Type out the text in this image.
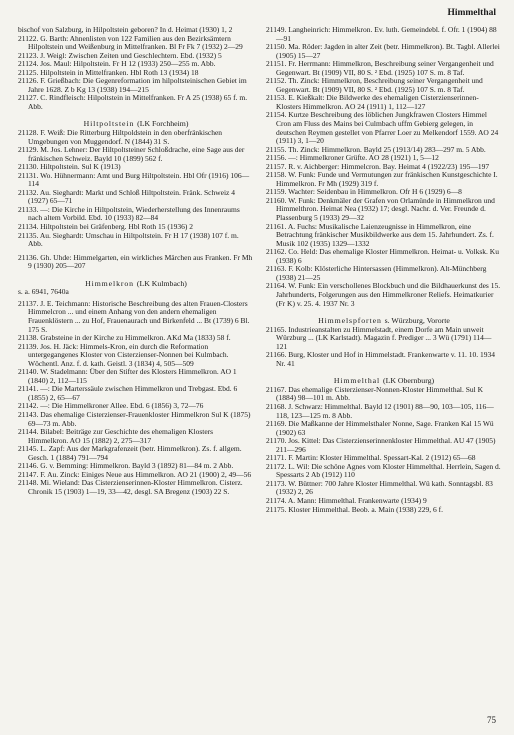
Himmelthal

bischof von Salzburg, in Hilpoltstein geboren? In d. Heimat (1930) 1, 2

21122. G. Barth: Ahnenlisten von 122 Familien aus den Bezirksämtern Hilpoltstein und Weißenburg in Mittelfranken. Bl Fr Fk 7 (1932) 2—29

21123. J. Weigl: Zwischen Zeiten und Geschlechtern. Ebd. (1932) 5

21124. Jos. Maul: Hilpoltstein. Fr H 12 (1933) 250—255 m. Abb.

21125. Hilpoltstein in Mittelfranken. Hbl Roth 13 (1934) 18

21126. F. Grießbach: Die Gegenreformation im hilpoltsteinischen Gebiet im Jahre 1628. Z b Kg 13 (1938) 194—215

21127. C. Rindfleisch: Hilpoltstein in Mittelfranken. Fr A 25 (1938) 65 f. m. Abb.

Hiltpoltstein (LK Forchheim)

21128. F. Weiß: Die Ritterburg Hiltpoldstein in den oberfränkischen Umgebungen von Muggendorf. N (1844) 31 S.

21129. M. Jos. Lehner: Der Hiltpoltsteiner Schloßdrache, eine Sage aus der fränkischen Schweiz. Bayld 10 (1899) 562 f.

21130. Hiltpoltstein. Sul K (1913)

21131. Wo. Hühnermann: Amt und Burg Hiltpoltstein. Hbl Ofr (1916) 106—114

21132. Au. Sieghardt: Markt und Schloß Hiltpoltstein. Fränk. Schweiz 4 (1927) 65—71

21133. —: Die Kirche in Hiltpoltstein, Wiederherstellung des Innenraums nach altem Vorbild. Ebd. 10 (1933) 82—84

21134. Hiltpoltstein bei Gräfenberg. Hbl Roth 15 (1936) 2

21135. Au. Sieghardt: Umschau in Hiltpoltstein. Fr H 17 (1938) 107 f. m. Abb.

21136. Gh. Uhde: Himmelgarten, ein wirkliches Märchen aus Franken. Fr Mh 9 (1930) 205—207

Himmelkron (LK Kulmbach)
s. a. 6941, 7640a

21137. J. E. Teichmann: Historische Beschreibung des alten Frauen-Closters Himmelcron ... und einem Anhang von den andern ehemaligen Frauenklöstern ... zu Hof, Frauenaurach und Birkenfeld ... Bt (1739) 6 Bl. 175 S.

21138. Grabsteine in der Kirche zu Himmelkron. AKd Ma (1833) 58 f.

21139. Jos. H. Jäck: Himmels-Kron, ein durch die Reformation untergegangenes Kloster von Cisterzienser-Nonnen bei Kulmbach. Wöchentl. Anz. f. d. kath. Geistl. 3 (1834) 4, 505—509

21140. W. Stadelmann: Über den Stifter des Klosters Himmelkron. AO 1 (1840) 2, 112—115

21141. —: Die Marterssäule zwischen Himmelkron und Trebgast. Ebd. 6 (1855) 2, 65—67

21142. —: Die Himmelkroner Allee. Ebd. 6 (1856) 3, 72—76

21143. Das ehemalige Cisterzienser-Frauenkloster Himmelkron Sul K (1875) 69—73 m. Abb.

21144. Bilabel: Beiträge zur Geschichte des ehemaligen Klosters Himmelkron. AO 15 (1882) 2, 275—317

21145. L. Zapf: Aus der Markgrafenzeit (betr. Himmelkron). Zs. f. allgem. Gesch. 1 (1884) 791—794

21146. G. v. Bemming: Himmelkron. Bayld 3 (1892) 81—84 m. 2 Abb.

21147. F. Au. Zinck: Einiges Neue aus Himmelkron. AO 21 (1900) 2, 49—56

21148. Mi. Wieland: Das Cisterzienserinnen-Kloster Himmelkron. Cisterz. Chronik 15 (1903) 1—19, 33—42, desgl. SA Bregenz (1903) 22 S.

21149. Langheinrich: Himmelkron. Ev. luth. Gemeindebl. f. Ofr. 1 (1904) 88—91

21150. Ma. Röder: Jagden in alter Zeit (betr. Himmelkron). Bt. Tagbl. Allerlei (1905) 15—27

21151. Fr. Herrmann: Himmelkron, Beschreibung seiner Vergangenheit und Gegenwart. Bt (1909) VII, 80 S. ² Ebd. (1925) 107 S. m. 8 Taf.

21152. Th. Zinck: Himmelkron, Beschreibung seiner Vergangenheit und Gegenwart. Bt (1909) VII, 80 S. ² Ebd. (1925) 107 S. m. 8 Taf.

21153. E. Kießkalt: Die Bildwerke des ehemaligen Cisterzienserinnen-Klosters Himmelkron. AO 24 (1911) 1, 112—127

21154. Kurtze Beschreibung des löblichen Jungkfrawen Closters Himmel Cron am Fluss des Mains bei Culmbach uffm Gebierg gelegen, in deutschen Reymen gestellet von Pfarrer Loer zu Melkendorf 1559. AO 24 (1911) 3, 1—20

21155. Th. Zinck: Himmelkron. Bayld 25 (1913/14) 283—297 m. 5 Abb.

21156. —: Himmelkroner Grüfte. AO 28 (1921) 1, 5—12

21157. R. v. Aichberger: Himmelcron. Bay. Heimat 4 (1922/23) 195—197

21158. W. Funk: Funde und Vermutungen zur fränkischen Kunstgeschichte I. Himmelkron. Fr Mh (1929) 319 f.

21159. Wachter: Seidenbau in Himmelkron. Ofr H 6 (1929) 6—8

21160. W. Funk: Denkmäler der Grafen von Orlamünde in Himmelkron und Himmelthron. Heimat Nea (1932) 17; desgl. Nachr. d. Ver. Freunde d. Plassenburg 5 (1933) 29—32

21161. A. Fuchs: Musikalische Laienzeugnisse in Himmelkron, eine Betrachtung fränkischer Musikbildwerke aus dem 15. Jahrhundert. Zs. f. Musik 102 (1935) 1329—1332

21162. Co. Held: Das ehemalige Kloster Himmelkron. Heimat- u. Volksk. Ku (1938) 6

21163. F. Kolb: Klösterliche Hintersassen (Himmelkron). Alt-Münchberg (1938) 21—25

21164. W. Funk: Ein verschollenes Blockbuch und die Bildhauerkunst des 15. Jahrhunderts, Folgerungen aus den Himmelkroner Reliefs. Heimatkurier (Fr K) v. 25. 4. 1937 Nr. 3

Himmelspforten s. Würzburg, Vororte

21165. Industrieanstalten zu Himmelstadt, einem Dorfe am Main unweit Würzburg ... (LK Karlstadt). Magazin f. Prediger ... 3 Wü (1791) 114—121

21166. Burg, Kloster und Hof in Himmelstadt. Frankenwarte v. 11. 10. 1934 Nr. 41

Himmelthal (LK Obernburg)

21167. Das ehemalige Cisterzienser-Nonnen-Kloster Himmelthal. Sul K (1884) 98—101 m. Abb.

21168. J. Schwarz: Himmelthal. Bayld 12 (1901) 88—90, 103—105, 116—118, 123—125 m. 8 Abb.

21169. Die Maßkanne der Himmelsthaler Nonne, Sage. Franken Kal 15 Wü (1902) 63

21170. Jos. Kittel: Das Cisterzienserinnenkloster Himmelthal. AU 47 (1905) 211—296

21171. F. Martin: Kloster Himmelthal. Spessart-Kal. 2 (1912) 65—68

21172. L. Wil: Die schöne Agnes vom Kloster Himmelthal. Herrlein, Sagen d. Spessarts 2 Ab (1912) 110

21173. W. Büttner: 700 Jahre Kloster Himmelthal. Wü kath. Sonntagsbl. 83 (1932) 2, 26

21174. A. Mann: Himmelthal. Frankenwarte (1934) 9

21175. Kloster Himmelthal. Beob. a. Main (1938) 229, 6 f.

75
